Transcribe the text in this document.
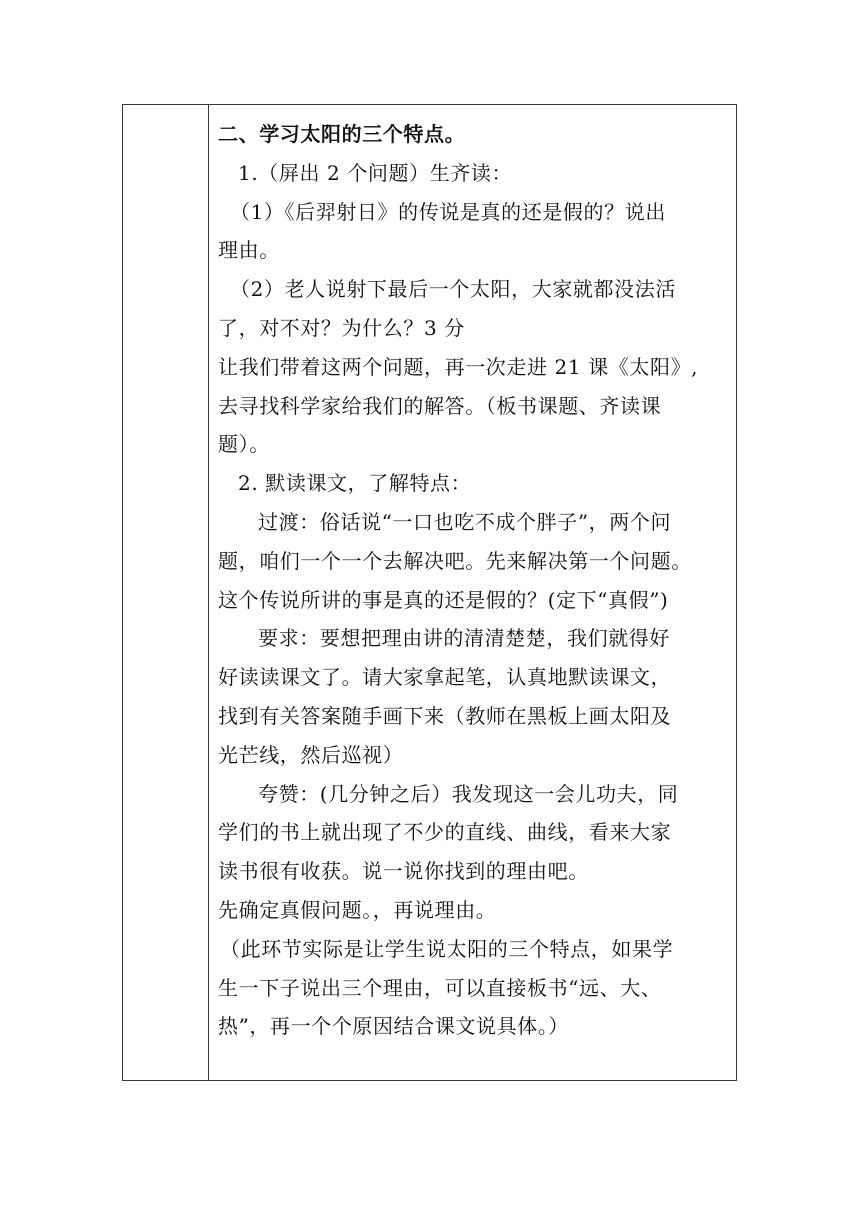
二、学习太阳的三个特点。
1.（屏出 2 个问题）生齐读：
（1）《后羿射日》的传说是真的还是假的？说出
理由。
（2）老人说射下最后一个太阳，大家就都没法活
了，对不对？为什么？3 分
让我们带着这两个问题，再一次走进 21 课《太阳》,
去寻找科学家给我们的解答。（板书课题、齐读课
题）。
2. 默读课文，了解特点：
过渡：俗话说“一口也吃不成个胖子”，两个问
题，咱们一个一个去解决吧。先来解决第一个问题。
这个传说所讲的事是真的还是假的？(定下“真假”)
要求：要想把理由讲的清清楚楚，我们就得好
好读读课文了。请大家拿起笔，认真地默读课文，
找到有关答案随手画下来（教师在黑板上画太阳及
光芒线，然后巡视）
夸赞：(几分钟之后）我发现这一会儿功夫，同
学们的书上就出现了不少的直线、曲线，看来大家
读书很有收获。说一说你找到的理由吧。
先确定真假问题。，再说理由。
（此环节实际是让学生说太阳的三个特点，如果学
生一下子说出三个理由，可以直接板书“远、大、
热”，再一个个原因结合课文说具体。）
